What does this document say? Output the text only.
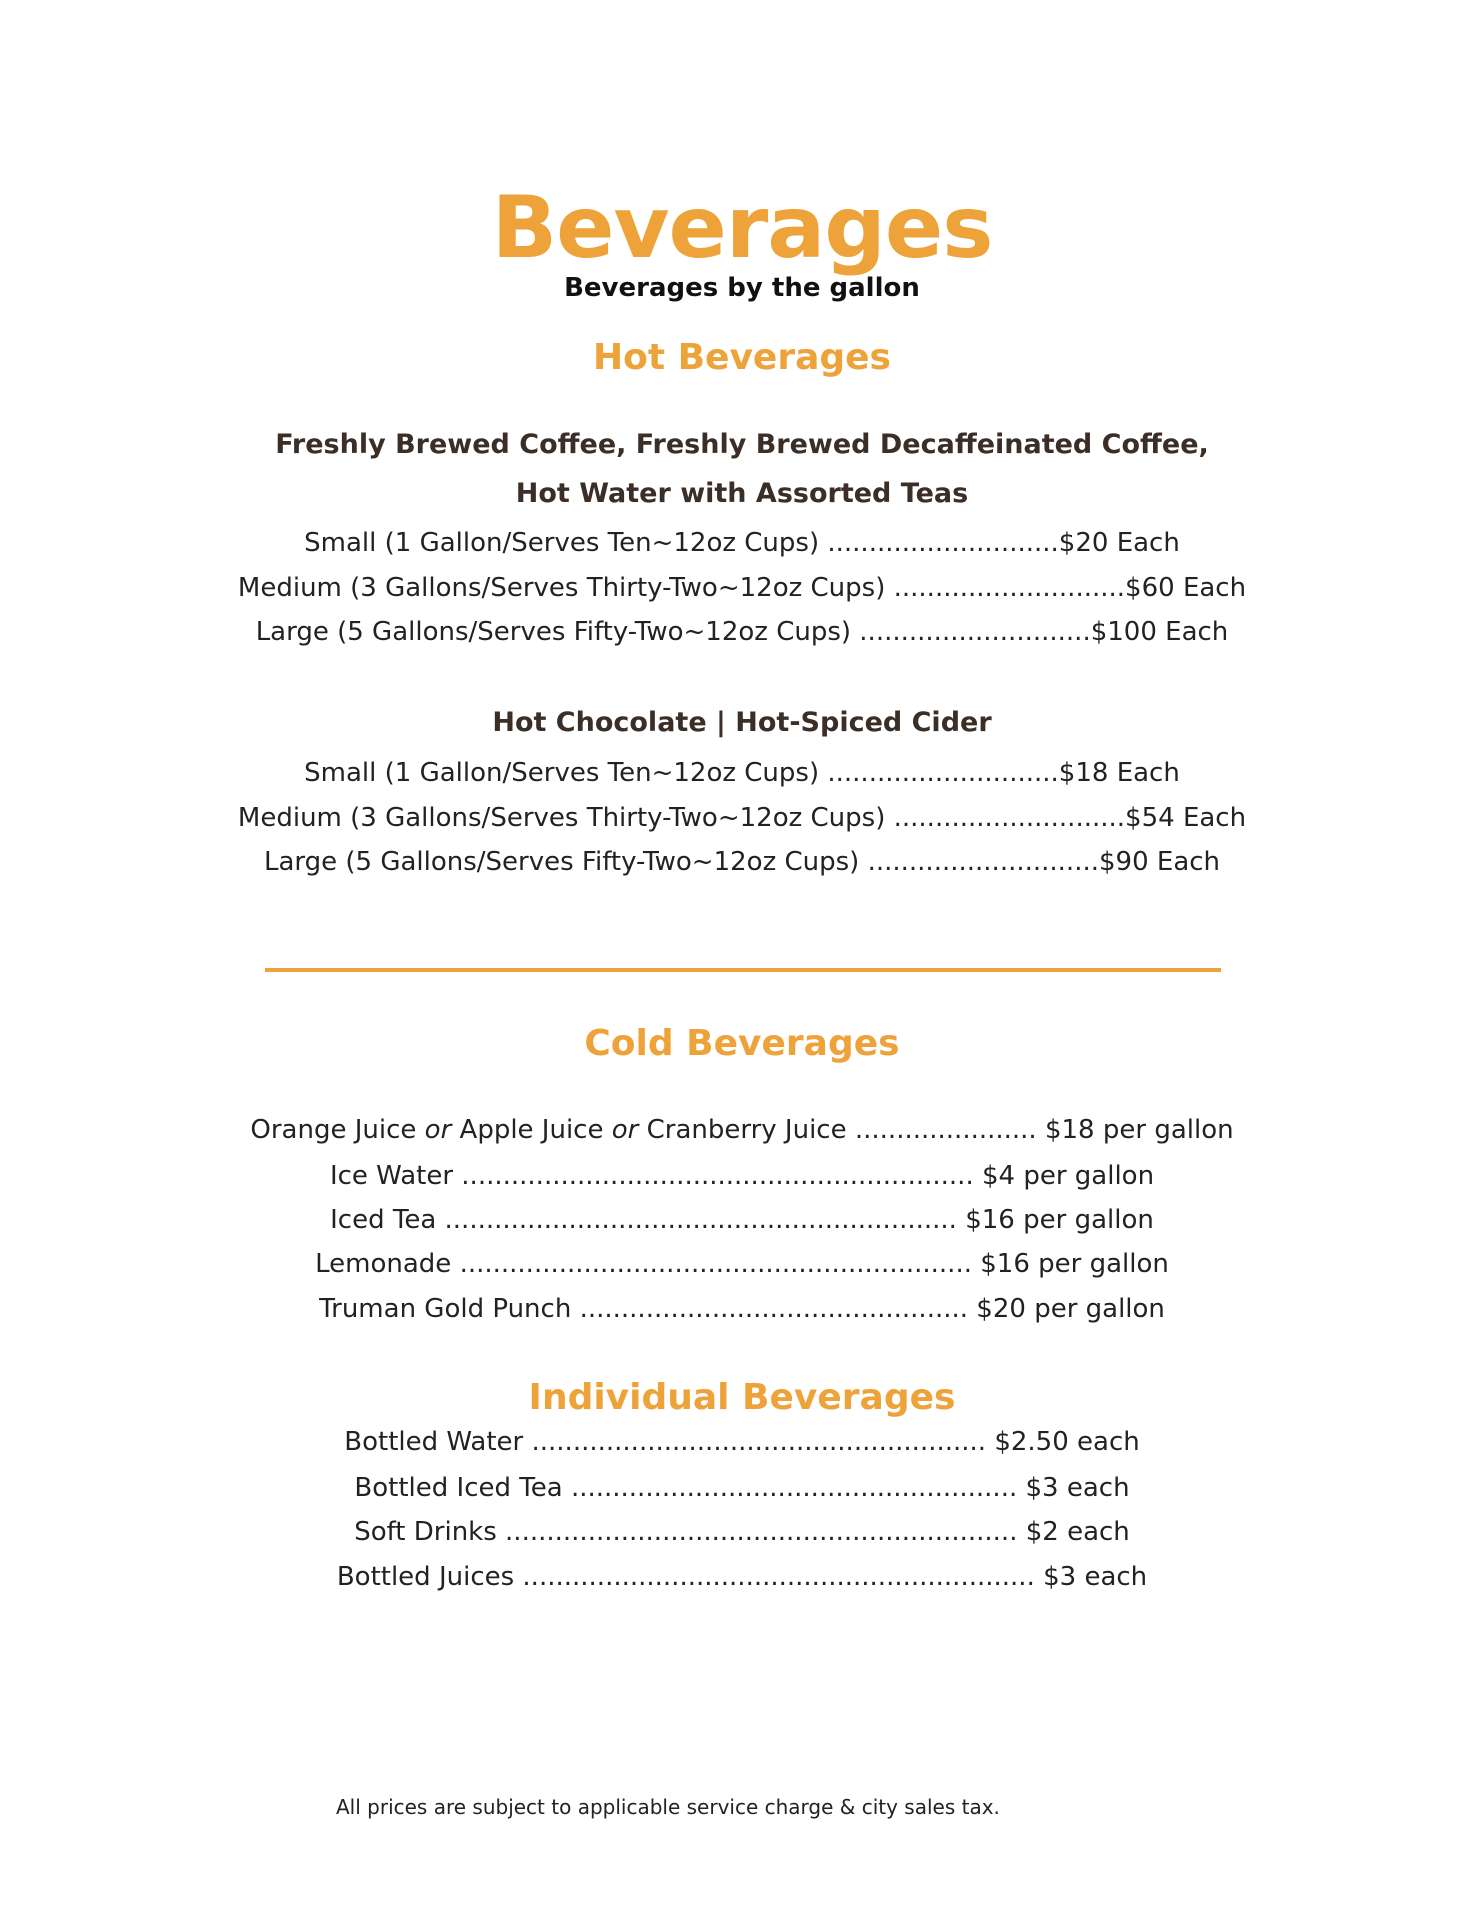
Beverages
Beverages by the gallon
Hot Beverages
Freshly Brewed Coffee, Freshly Brewed Decaffeinated Coffee,
Hot Water with Assorted Teas
Small (1 Gallon/Serves Ten~12oz Cups) ............................$20 Each
Medium (3 Gallons/Serves Thirty-Two~12oz Cups) ............................$60 Each
Large (5 Gallons/Serves Fifty-Two~12oz Cups) ............................$100 Each
Hot Chocolate | Hot-Spiced Cider
Small (1 Gallon/Serves Ten~12oz Cups) ............................$18 Each
Medium (3 Gallons/Serves Thirty-Two~12oz Cups) ............................$54 Each
Large (5 Gallons/Serves Fifty-Two~12oz Cups) ............................$90 Each
Cold Beverages
Orange Juice or Apple Juice or Cranberry Juice ...................... $18 per gallon
Ice Water .............................................................. $4 per gallon
Iced Tea .............................................................. $16 per gallon
Lemonade .............................................................. $16 per gallon
Truman Gold Punch ............................................... $20 per gallon
Individual Beverages
Bottled Water ....................................................... $2.50 each
Bottled Iced Tea ...................................................... $3 each
Soft Drinks .............................................................. $2 each
Bottled Juices .............................................................. $3 each
All prices are subject to applicable service charge & city sales tax.
